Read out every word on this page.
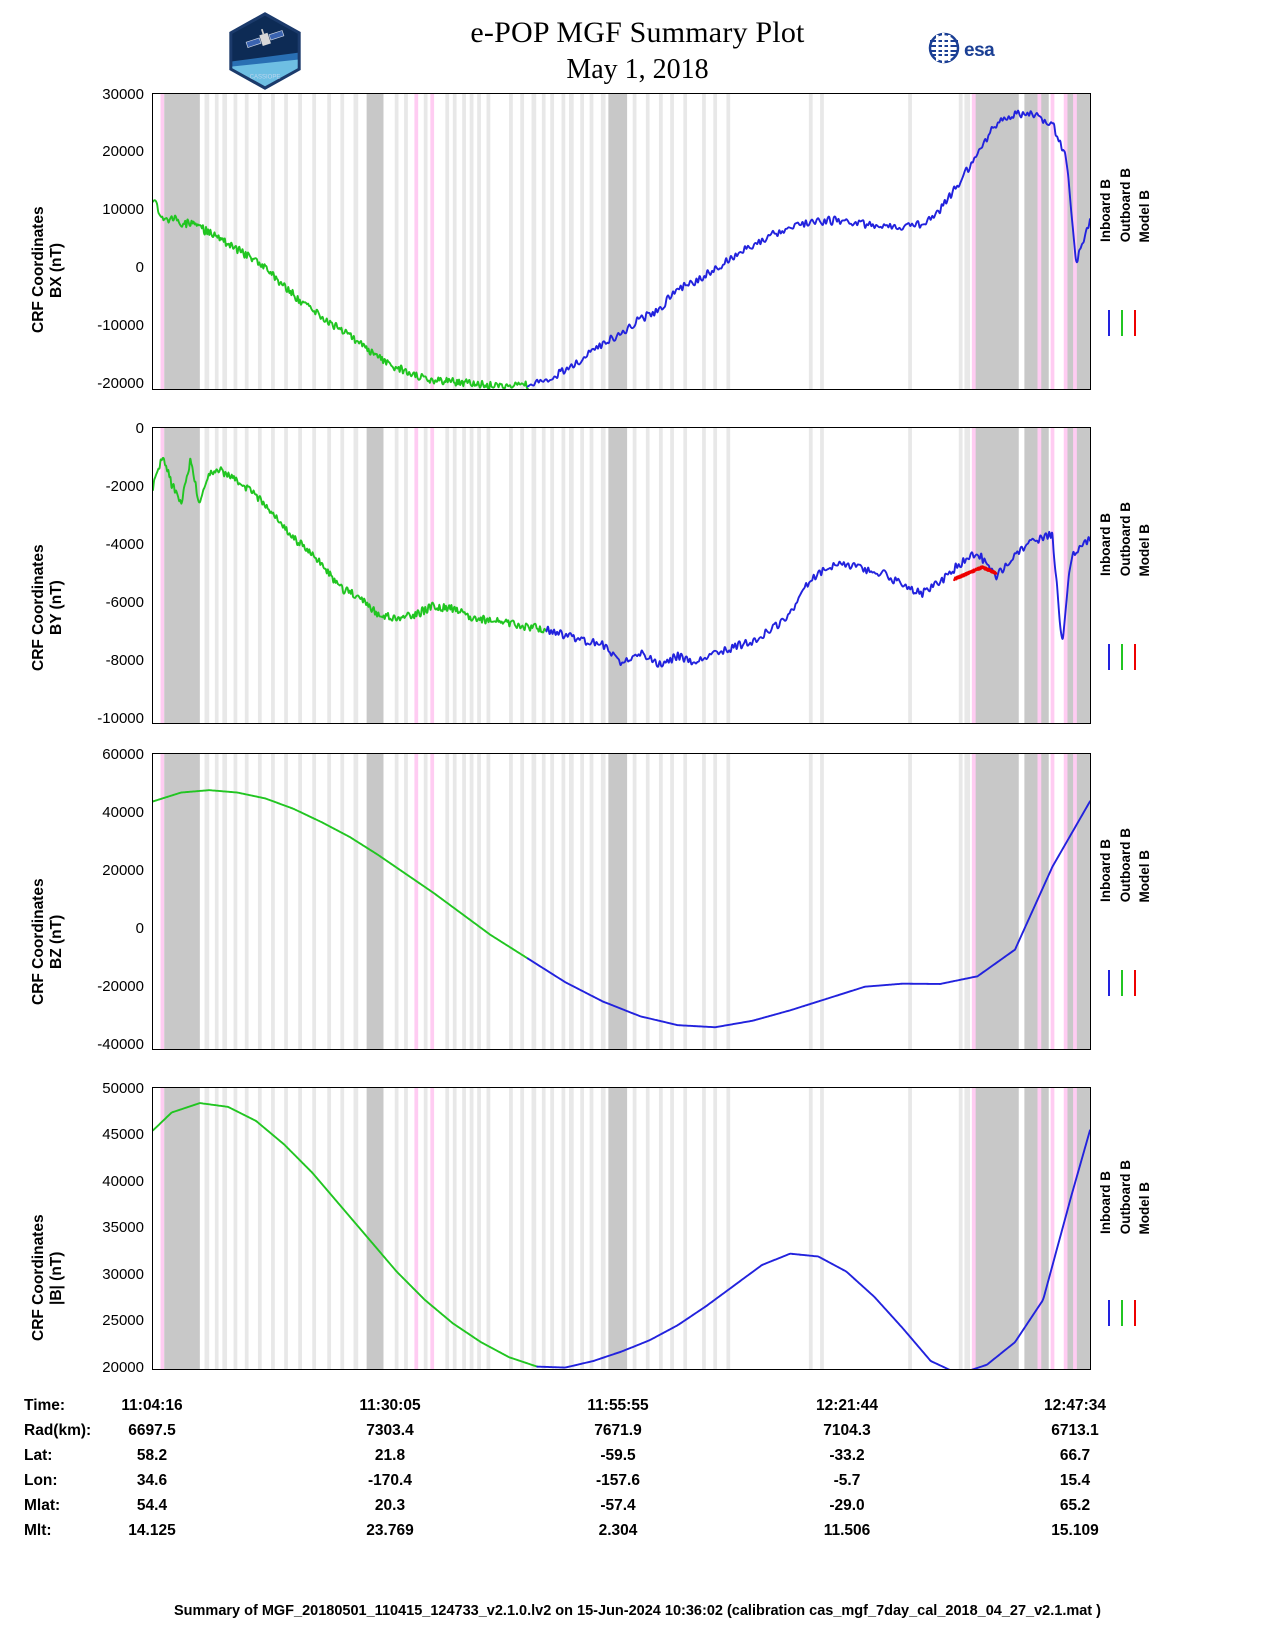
e-POP MGF Summary Plot
May 1, 2018
CASSIOPE
esa
CRF Coordinates
BX (nT)
30000
20000
10000
0
-10000
-20000
Inboard B Outboard B Model B
CRF Coordinates
BY (nT)
0
-2000
-4000
-6000
-8000
-10000
Inboard B Outboard B Model B
CRF Coordinates
BZ (nT)
60000
40000
20000
0
-20000
-40000
Inboard B Outboard B Model B
CRF Coordinates
|B| (nT)
50000
45000
40000
35000
30000
25000
20000
Inboard B Outboard B Model B
Time:	11:04:16	11:30:05	11:55:55	12:21:44	12:47:34
Rad(km):	6697.5	7303.4	7671.9	7104.3	6713.1
Lat:	58.2	21.8	-59.5	-33.2	66.7
Lon:	34.6	-170.4	-157.6	-5.7	15.4
Mlat:	54.4	20.3	-57.4	-29.0	65.2
Mlt:	14.125	23.769	2.304	11.506	15.109
Summary of MGF_20180501_110415_124733_v2.1.0.lv2 on 15-Jun-2024 10:36:02 (calibration cas_mgf_7day_cal_2018_04_27_v2.1.mat )
